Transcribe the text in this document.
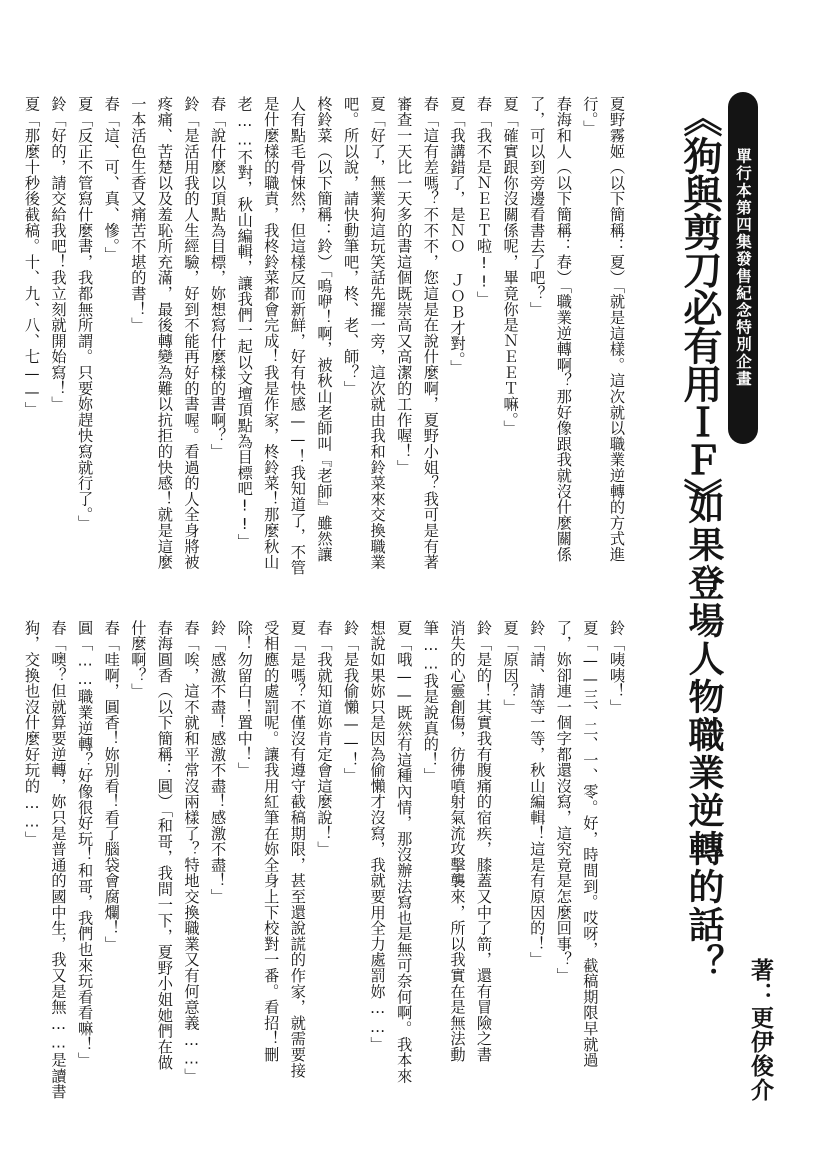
單行本第四集發售紀念特別企畫
《狗與剪刀必有用ＩＦ》
如果登場人物職業逆轉的話？
著：更伊俊介
夏野霧姬（以下簡稱：夏）「就是這樣。這次就以職業逆轉的方式進
行。」
春海和人（以下簡稱：春）「職業逆轉啊？那好像跟我就沒什麼關係
了，可以到旁邊看書去了吧？」
夏「確實跟你沒關係呢，畢竟你是ＮＥＥＴ嘛。」
春「我不是ＮＥＥＴ啦!!」
夏「我講錯了，是ＮＯ ＪＯＢ才對。」
春「這有差嗎？不不不，您這是在說什麼啊，夏野小姐？我可是有著
審查一天比一天多的書這個既崇高又高潔的工作喔！」
夏「好了，無業狗這玩笑話先擺一旁，這次就由我和鈴菜來交換職業
吧。所以說，請快動筆吧，柊、老、師？」
柊鈴菜（以下簡稱：鈴）「嗚咿！啊，被秋山老師叫『老師』雖然讓
人有點毛骨悚然，但這樣反而新鮮，好有快感——！我知道了，不管
是什麼樣的職責，我柊鈴菜都會完成！我是作家，柊鈴菜！那麼秋山
老……不對，秋山編輯，讓我們一起以文壇頂點為目標吧!!」
春「說什麼以頂點為目標，妳想寫什麼樣的書啊？」
鈴「是活用我的人生經驗，好到不能再好的書喔。看過的人全身將被
疼痛、苦楚以及羞恥所充滿，最後轉變為難以抗拒的快感！就是這麼
一本活色生香又痛苦不堪的書！」
春「這、可、真、慘。」
夏「反正不管寫什麼書，我都無所謂。只要妳趕快寫就行了。」
鈴「好的，請交給我吧！我立刻就開始寫！」
夏「那麼十秒後截稿。十、九、八、七——」
鈴「咦咦！」
夏「——三、二、一、零。好，時間到。哎呀，截稿期限早就過
了，妳卻連一個字都還沒寫，這究竟是怎麼回事？」
鈴「請、請等一等，秋山編輯！這是有原因的！」
夏「原因？」
鈴「是的！其實我有腹痛的宿疾，膝蓋又中了箭，還有冒險之書
消失的心靈創傷，彷彿噴射氣流攻擊襲來，所以我實在是無法動
筆……我是說真的！」
夏「哦——既然有這種內情，那沒辦法寫也是無可奈何啊。我本來
想說如果妳只是因為偷懶才沒寫，我就要用全力處罰妳……」
鈴「是我偷懶——！」
春「我就知道妳肯定會這麼說！」
夏「是嗎？不僅沒有遵守截稿期限，甚至還說謊的作家，就需要接
受相應的處罰呢。讓我用紅筆在妳全身上下校對一番。看招！刪
除！勿留白！置中！」
鈴「感激不盡！感激不盡！感激不盡！」
春「唉，這不就和平常沒兩樣了？特地交換職業又有何意義……」
春海圓香（以下簡稱：圓）「和哥，我問一下，夏野小姐她們在做
什麼啊？」
春「哇啊，圓香！妳別看！看了腦袋會腐爛！」
圓「……職業逆轉？好像很好玩！和哥，我們也來玩看看嘛！」
春「噢？但就算要逆轉，妳只是普通的國中生，我又是無……是讀書
狗，交換也沒什麼好玩的……」
